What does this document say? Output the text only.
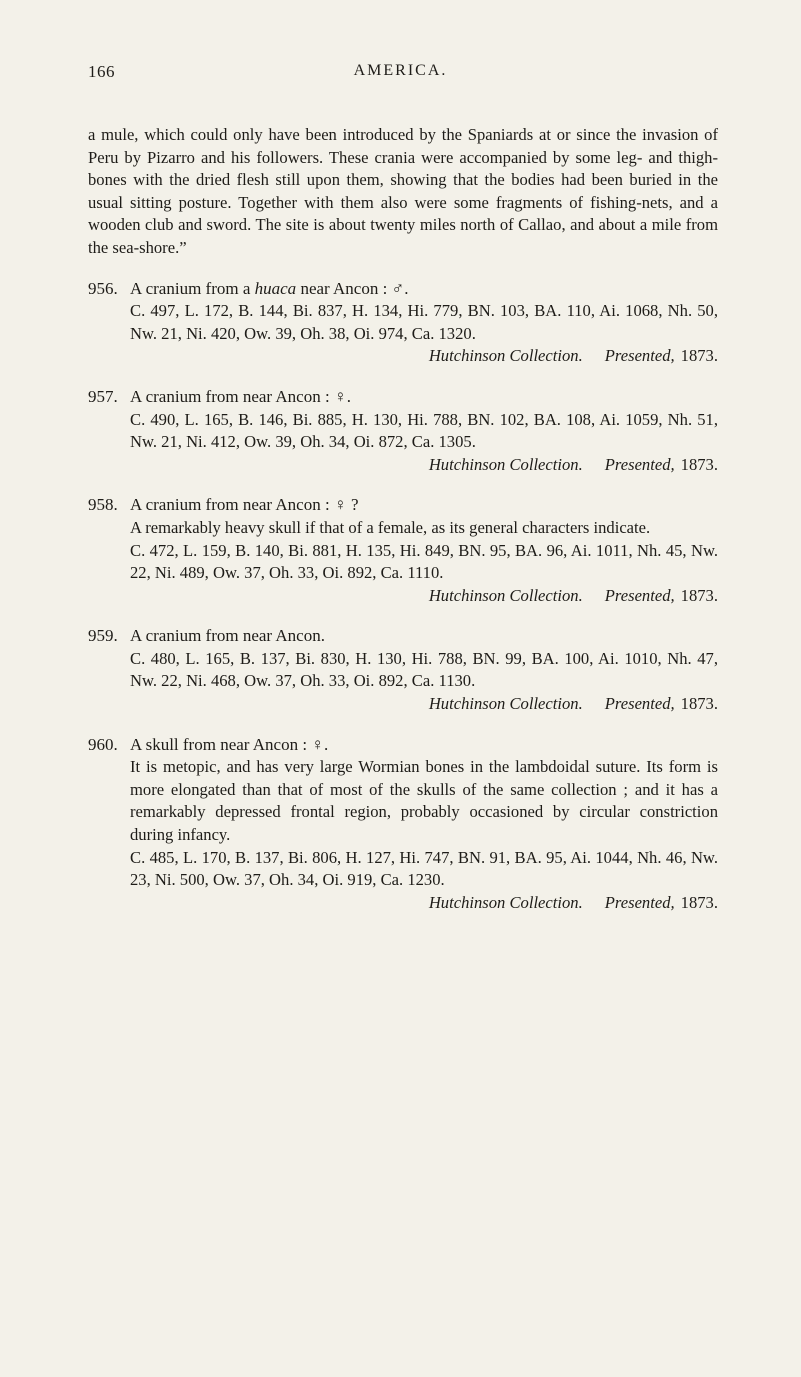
166	AMERICA.

a mule, which could only have been introduced by the Spaniards at or since the invasion of Peru by Pizarro and his followers. These crania were accompanied by some leg- and thigh-bones with the dried flesh still upon them, showing that the bodies had been buried in the usual sitting posture. Together with them also were some fragments of fishing-nets, and a wooden club and sword. The site is about twenty miles north of Callao, and about a mile from the sea-shore.”

956. A cranium from a huaca near Ancon : ♂.

C. 497, L. 172, B. 144, Bi. 837, H. 134, Hi. 779, BN. 103, BA. 110, Ai. 1068, Nh. 50, Nw. 21, Ni. 420, Ow. 39, Oh. 38, Oi. 974, Ca. 1320.

Hutchinson Collection. Presented, 1873.

957. A cranium from near Ancon : ♀.

C. 490, L. 165, B. 146, Bi. 885, H. 130, Hi. 788, BN. 102, BA. 108, Ai. 1059, Nh. 51, Nw. 21, Ni. 412, Ow. 39, Oh. 34, Oi. 872, Ca. 1305.

Hutchinson Collection. Presented, 1873.

958. A cranium from near Ancon : ♀ ?

A remarkably heavy skull if that of a female, as its general characters indicate.

C. 472, L. 159, B. 140, Bi. 881, H. 135, Hi. 849, BN. 95, BA. 96, Ai. 1011, Nh. 45, Nw. 22, Ni. 489, Ow. 37, Oh. 33, Oi. 892, Ca. 1110.

Hutchinson Collection. Presented, 1873.

959. A cranium from near Ancon.

C. 480, L. 165, B. 137, Bi. 830, H. 130, Hi. 788, BN. 99, BA. 100, Ai. 1010, Nh. 47, Nw. 22, Ni. 468, Ow. 37, Oh. 33, Oi. 892, Ca. 1130.

Hutchinson Collection. Presented, 1873.

960. A skull from near Ancon : ♀.

It is metopic, and has very large Wormian bones in the lambdoidal suture. Its form is more elongated than that of most of the skulls of the same collection ; and it has a remarkably depressed frontal region, probably occasioned by circular constriction during infancy.

C. 485, L. 170, B. 137, Bi. 806, H. 127, Hi. 747, BN. 91, BA. 95, Ai. 1044, Nh. 46, Nw. 23, Ni. 500, Ow. 37, Oh. 34, Oi. 919, Ca. 1230.

Hutchinson Collection. Presented, 1873.
